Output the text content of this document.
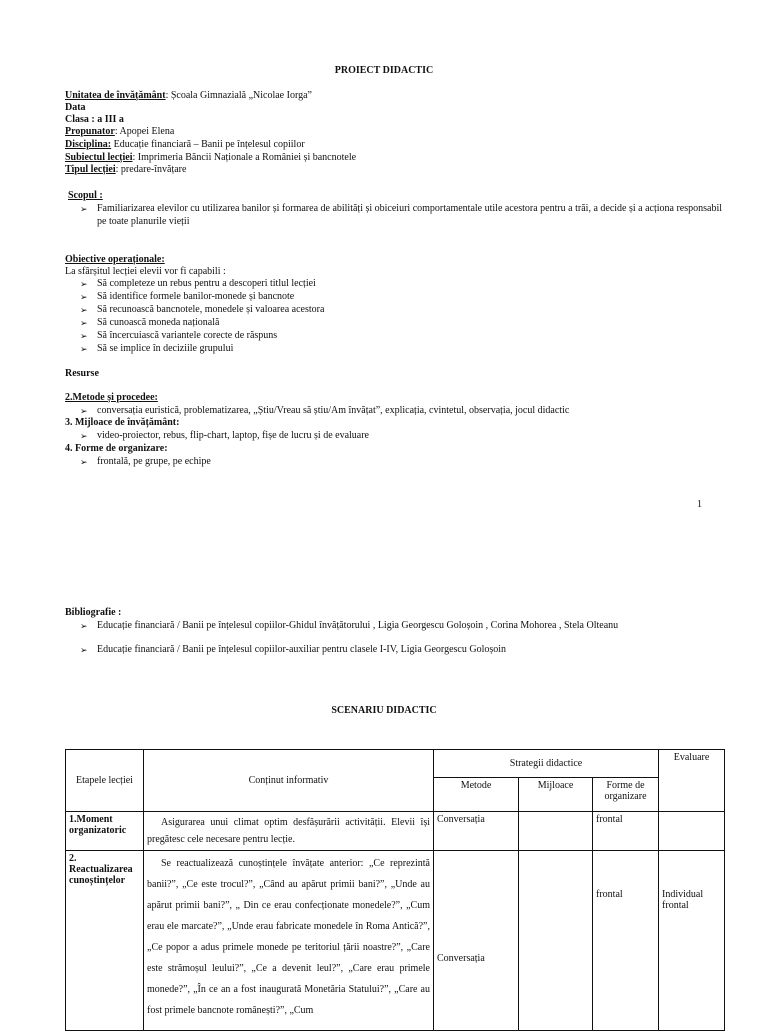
PROIECT DIDACTIC
Unitatea de învățământ: Școala Gimnazială „Nicolae Iorga”
Data
Clasa : a III a
Propunator: Apopei Elena
Disciplina: Educație financiară – Banii pe înțelesul copiilor
Subiectul lecției: Imprimeria Băncii Naționale a României și bancnotele
Tipul lecției: predare-învățare
Scopul :
➢ Familiarizarea elevilor cu utilizarea banilor și formarea de abilități și obiceiuri comportamentale utile acestora pentru a trăi, a decide și a acționa responsabil pe toate planurile vieții
Obiective operaționale:
La sfârșitul lecției elevii vor fi capabili :
➢ Să completeze un rebus pentru a descoperi titlul lecției
➢ Să identifice formele banilor-monede și bancnote
➢ Să recunoască bancnotele, monedele și valoarea acestora
➢ Să cunoască moneda națională
➢ Să încercuiască variantele corecte de răspuns
➢ Să se implice în deciziile grupului
Resurse
2.Metode și procedee:
➢ conversația euristică, problematizarea, „Știu/Vreau să știu/Am învățat”, explicația, cvintetul, observația, jocul didactic
3. Mijloace de învățământ:
➢ video-proiector, rebus, flip-chart, laptop, fișe de lucru și de evaluare
4. Forme de organizare:
➢ frontală, pe grupe, pe echipe
1
Bibliografie :
➢ Educație financiară / Banii pe înțelesul copiilor-Ghidul învățătorului , Ligia Georgescu Goloșoin , Corina Mohorea , Stela Olteanu
➢ Educație financiară / Banii pe înțelesul copiilor-auxiliar pentru clasele I-IV, Ligia Georgescu Goloșoin
SCENARIU DIDACTIC
Etapele lecției	Conținut informativ	Strategii didactice			Evaluare
		Metode	Mijloace	Forme de organizare	
1.Moment organizatoric	Asigurarea unui climat optim desfășurării activității. Elevii își pregătesc cele necesare pentru lecție.	Conversația		frontal	
2. Reactualizarea cunoștințelor	Se reactualizează cunoștințele învățate anterior: „Ce reprezintă banii?”, „Ce este trocul?”, „Când au apărut primii bani?”, „Unde au apărut primii bani?”, „ Din ce erau confecționate monedele?”, „Cum erau ele marcate?”, „Unde erau fabricate monedele în Roma Antică?”, „Ce popor a adus primele monede pe teritoriul țării noastre?”, „Care este strămoșul leului?”, „Ce a devenit leul?”, „Care erau primele monede?”, „În ce an a fost inaugurată Monetăria Statului?”, „Care au fost primele bancnote românești?”, „Cum	Conversația		frontal	Individual frontal
